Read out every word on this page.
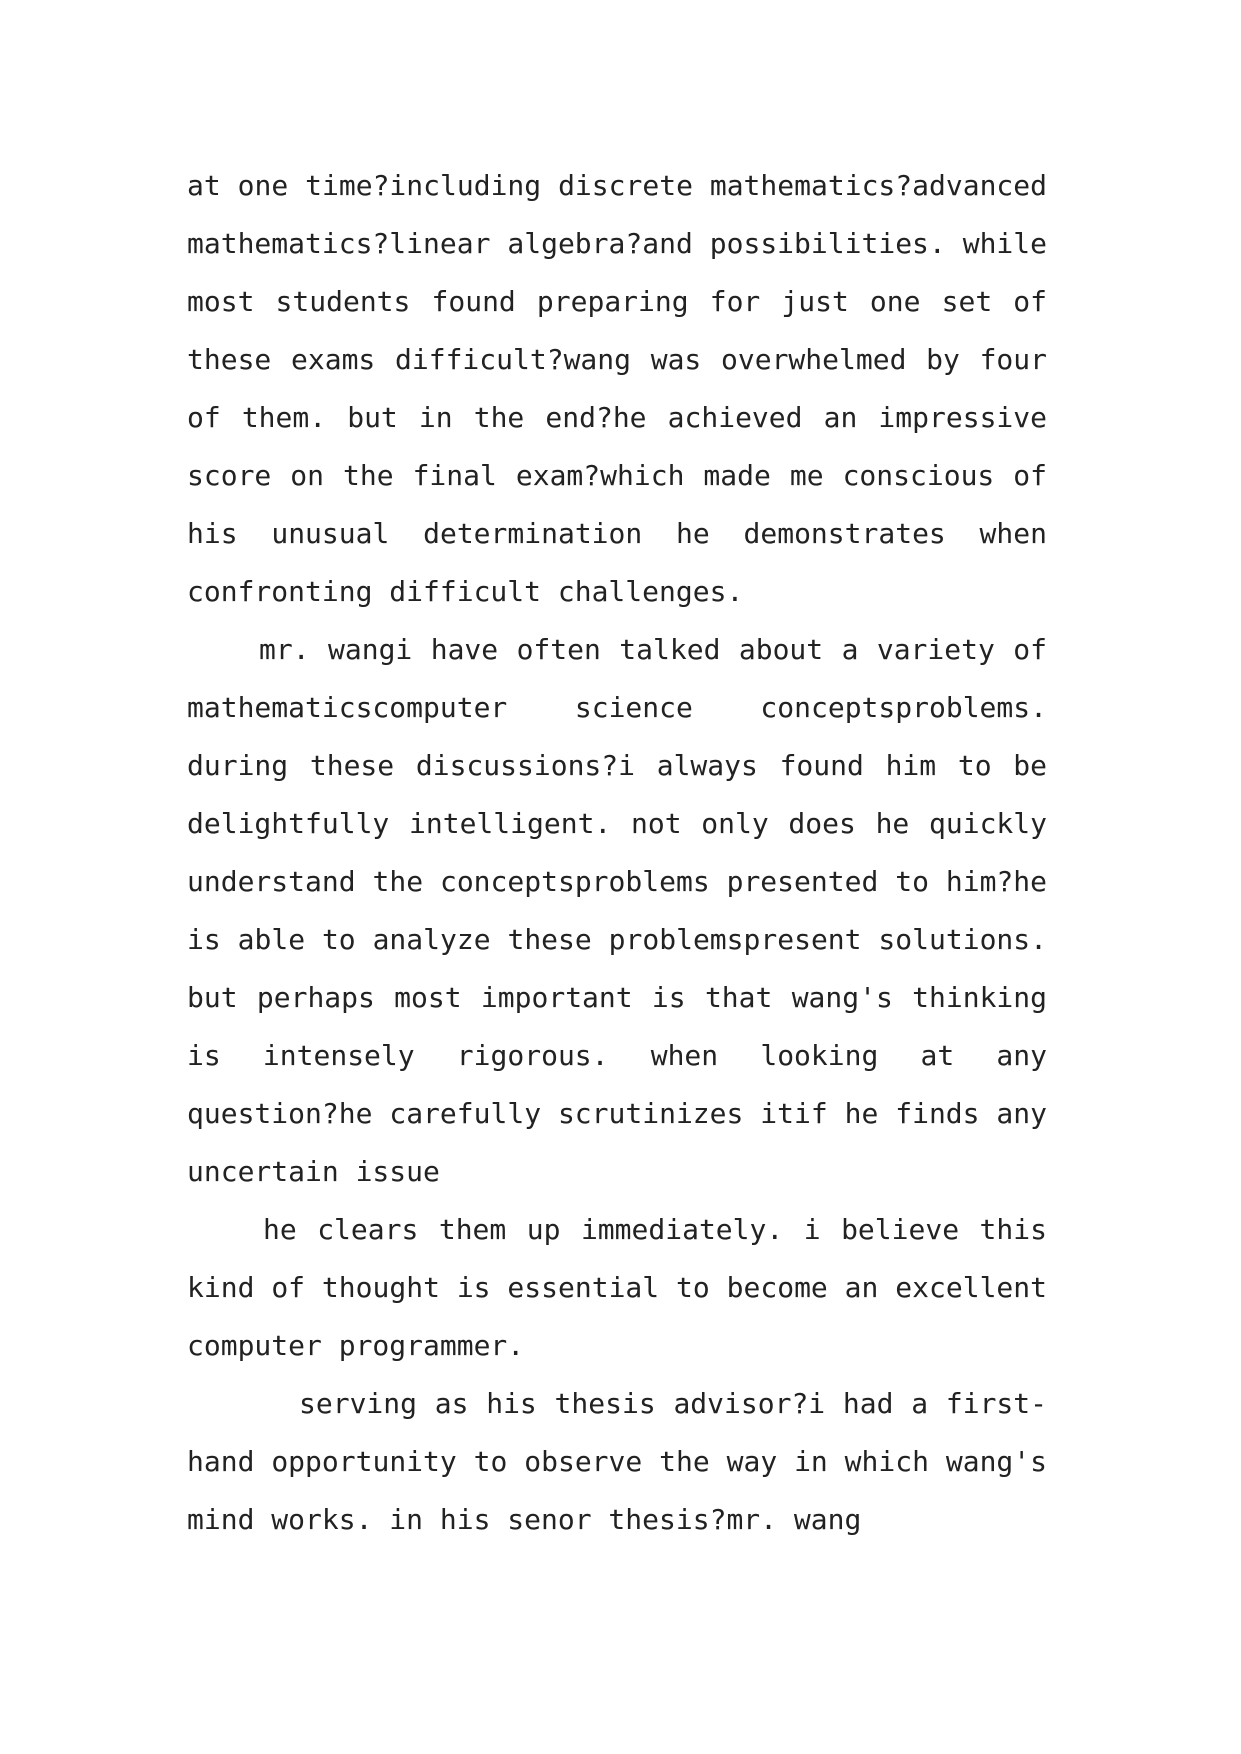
at one time?including discrete mathematics?advanced mathematics?linear algebra?and possibilities. while most students found preparing for just one set of these exams difficult?wang was overwhelmed by four of them. but in the end?he achieved an impressive score on the final exam?which made me conscious of his unusual determination he demonstrates when confronting difficult challenges.

mr. wangi have often talked about a variety of mathematicscomputer science conceptsproblems. during these discussions?i always found him to be delightfully intelligent. not only does he quickly understand the conceptsproblems presented to him?he is able to analyze these problemspresent solutions. but perhaps most important is that wang's thinking is intensely rigorous. when looking at any question?he carefully scrutinizes itif he finds any uncertain issue

he clears them up immediately. i believe this kind of thought is essential to become an excellent computer programmer.

serving as his thesis advisor?i had a first-hand opportunity to observe the way in which wang's mind works. in his senor thesis?mr. wang
